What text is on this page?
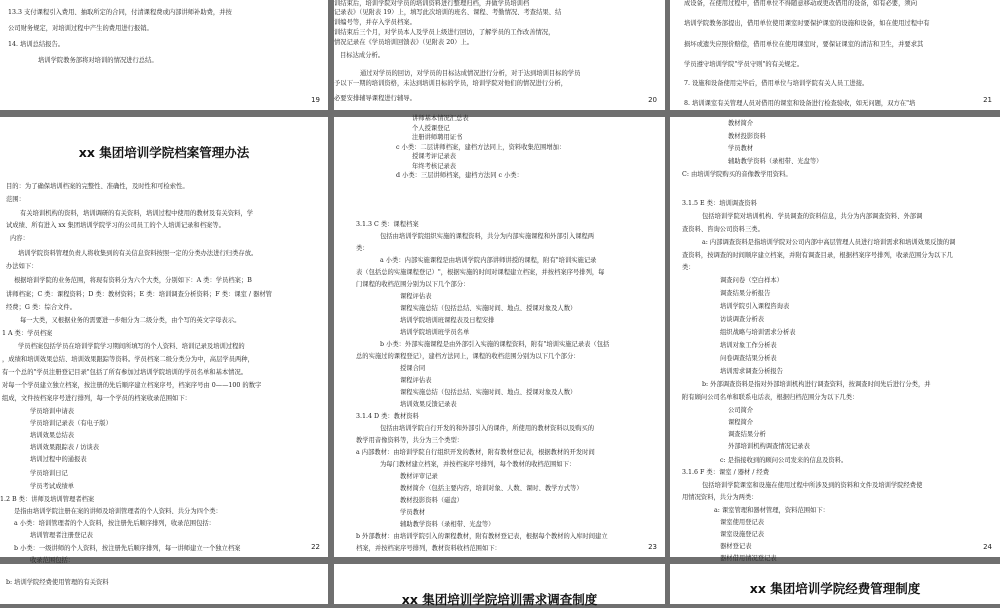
13.3 支付课程引入费用、抽取所定的合同，付清课程费或内部讲师补助费，并按
公司财务规定，对培训过程中产生的费用进行报销。
14. 培训总结报告。
培训学院教务部将对培训的情况进行总结。
19
训结束后，培训学院对学员的培训资料进行整理归档，并做学员培训档
记录表》（见附表 19）上，填写此次培训的班名、课程、考勤情况、考查结果、结
训编号等，并存入学员档案。
训结束后三个月，对学员本人及学员上级进行回访，了解学员的工作改善情况，
情况记录在《学员培训回馈表》（见附表 20）上。
目标达成分析。
通过对学员的回访，对学员的目标达成情况进行分析，对于达到培训目标的学员
予以下一期的培训资格，未达到培训目标的学员，培训学院对他们的情况进行分析，
必要安排辅导课程进行辅导。	20
成设备，在使用过程中，借用单位不得随意移动或更改借用的设备，如有必要，须向
培训学院教务部提出，借用单位使用课室时要保护课室的设施和设备，如在使用过程中有
损坏或遗失应照价赔偿，借用单位在使用课室时，要保证课室的清洁和卫生，并要求其
学员遵守培训学院"学员守则"的有关规定。
7. 设施和设备使用完毕后，借用单位与培训学院有关人员工进接。
8. 培训课室有关管理人员对借用的课室和设备进行检查验收，如无问题，双方在"培	21
xx 集团培训学院档案管理办法
目的：为了确保培训档案的完整性、准确性，及时性和可检索性。
范围：
有关培训机构的资料，培训调研的有关资料，培训过程中使用的教材及有关资料，学
试成绩、所有进入 xx 集团培训学院学习的公司员工的个人培训记录和档案等。
内容：
培训学院资料管理负责人将收集到的有关信息资料按照一定的分类办法进行归类存放。
办法如下：
根据培训学院的业务范围，将现有资料分为六个大类，分别如下：A 类：学员档案；B
讲师档案；C 类：课程资料；D 类：教材资料；E 类：培训调查分析资料；F 类：课室 / 器材管
经费；G 类：综合文件。
每一大类，又根据业务的需要进一步细分为二级分类，由个写的英文字母表示。
1 A 类：学员档案
学员档案包括学员在培训学院学习期间所填写的个人资料、培训记录及培训过程的
，成绩和培训效果总结、培训效果跟踪等资料。学员档案二级分类分为中，高层学员两种，
有一个总的"学员注册登记目录"包括了所有参加过培训学院培训的学员名单和基本情况。
对每一个学员建立独立档案，按注册的先后顺序建立档案序号，档案序号由 0——100 的数字
组成，文件按档案序号进行排列，每一个学员的档案收录范围如下：
学员培训申请表
学员培训记录表（有电子版）
培训效果总结表
培训效果跟踪表 / 访谈表
培训过程中的通报表
学员培训日记
学员考试成绩单
1.2 B 类：讲师及培训管理者档案
是指由培训学院注册在案的讲师及培训管理者的个人资料、共分为四个类：
a 小类：培训管理者的个人资料，按注册先后顺序排列，收录范围包括：
培训管理者注册登记表
b 小类：一级讲师的个人资料，按注册先后顺序排列，每一讲师建立一个独立档案
收录范围包括：
22
讲师基本情况汇总表
个人授课登记
注册讲师聘用证书
c 小类：二层讲师档案，建档方法同上，资料收集范围增加：
授课考评记录表
年终考核记录表
d 小类：三层讲师档案，建档方法同 c 小类：
3.1.3 C 类：课程档案
包括由培训学院组织实施的课程资料，共分为内部实施课程和外部引入课程两
类：
a 小类：内部实施课程是由培训学院内部讲师讲授的课程，附有"培训实施记录
表（包括总的实施课程登记）"，根据实施的时间对课程建立档案，并按档案序号排列，每
门课程的收档范围分别为以下几个部分：
课程评估表
课程实施总结（包括总结、实施时间、地点、授课对象及人数）
培训学院培训班课程表及日程安排
培训学院培训班学员名单
b 小类：外部实施课程是由外部引入实施的课程资料，附有"培训实施记录表（包括
总的实施过的课程登记），建档方法同上，课程的收档范围分别为以下几个部分：
授课合同
课程评估表
课程实施总结（包括总结、实施时间、地点、授课对象及人数）
培训效果反馈记录表
3.1.4 D 类：教材资料
包括由培训学院自行开发的和外部引入的课件，所使用的教材资料以及购买的
教学用音像资料等，共分为三个类型：
a 内部教材：由培训学院自行组织开发的教材，附有教材登记表，根据教材的开发时间
为每门教材建立档案，并按档案序号排列，每个教材的收档范围如下：
教材评审记录
教材简介（包括主要内容，培训对象、人数、课时、教学方式等）
教材投影资料（磁盘）
学员教材
辅助教学资料（录相带、光盘等）
b 外部教材：由培训学院引入的课程教材，附有教材登记表，根据每个教材的入库时间建立
档案，并按档案序号排列，教材资料收档范围如下：	23
教材简介
教材投影资料
学员教材
辅助教学资料（录相带、光盘等）
C: 由培训学院购买的音像教学用资料。
3.1.5 E 类：培训调查资料
包括培训学院对培训机构、学员调查的资料信息，共分为内部调查资料、外部调
查资料、咨询公司资料三类。
a: 内部调查资料是指培训学院对公司内部中高层管理人员进行培训需求和培训效果反馈的调
查资料，按调查的时间顺序建立档案，并附有调查目录，根据档案序号排列，收录范围分为以下几
类：
调查问卷（空白样本）
调查结果分析报告
培训学院引入课程咨询表
访谈调查分析表
组织战略与培训需求分析表
培训对象工作分析表
问卷调查结果分析表
培训需求调查分析报告
b: 外部调查资料是指对外部培训机构进行调查资料，按调查时间先后进行分类，并
附有顾问公司名单和联系电话表，根据归档范围分为以下几类：
公司简介
课程简介
调查结果分析
外部培训机构调查情况记录表
c: 是指接收到的顾问公司发来的信息及资料。
3.1.6 F 类：课室 / 器材 / 经费
包括培训学院课室和设施在使用过程中所涉及到的资料和文件及培训学院经费使
用情况资料，共分为两类：
a: 课室管理和器材管理，资料范围如下：
课室使用登记表
课室设施登记表
器材登记表
器材借用情况登记表
24
b: 培训学院经费使用管理的有关资料
xx 集团培训学院培训需求调查制度
xx 集团培训学院经费管理制度
